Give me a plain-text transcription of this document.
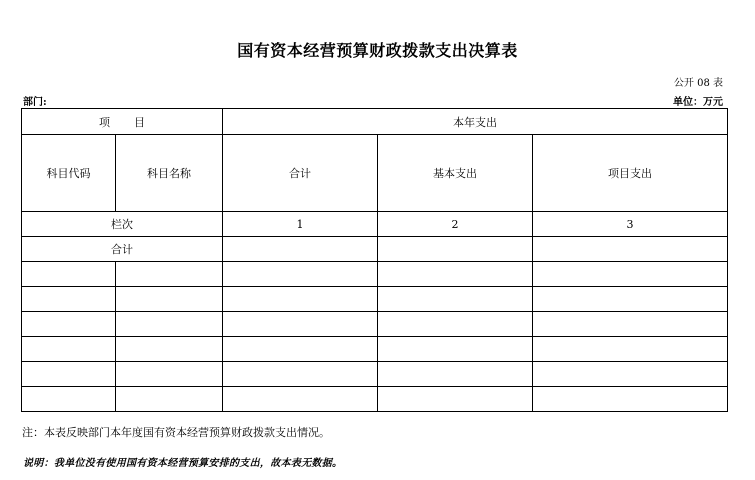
国有资本经营预算财政拨款支出决算表
公开 08 表
部门:	单位：万元
项 目		本年支出		
科目代码	科目名称	合计	基本支出	项目支出
栏次		1	2	3
合计				

注：本表反映部门本年度国有资本经营预算财政拨款支出情况。
说明：我单位没有使用国有资本经营预算安排的支出，故本表无数据。
